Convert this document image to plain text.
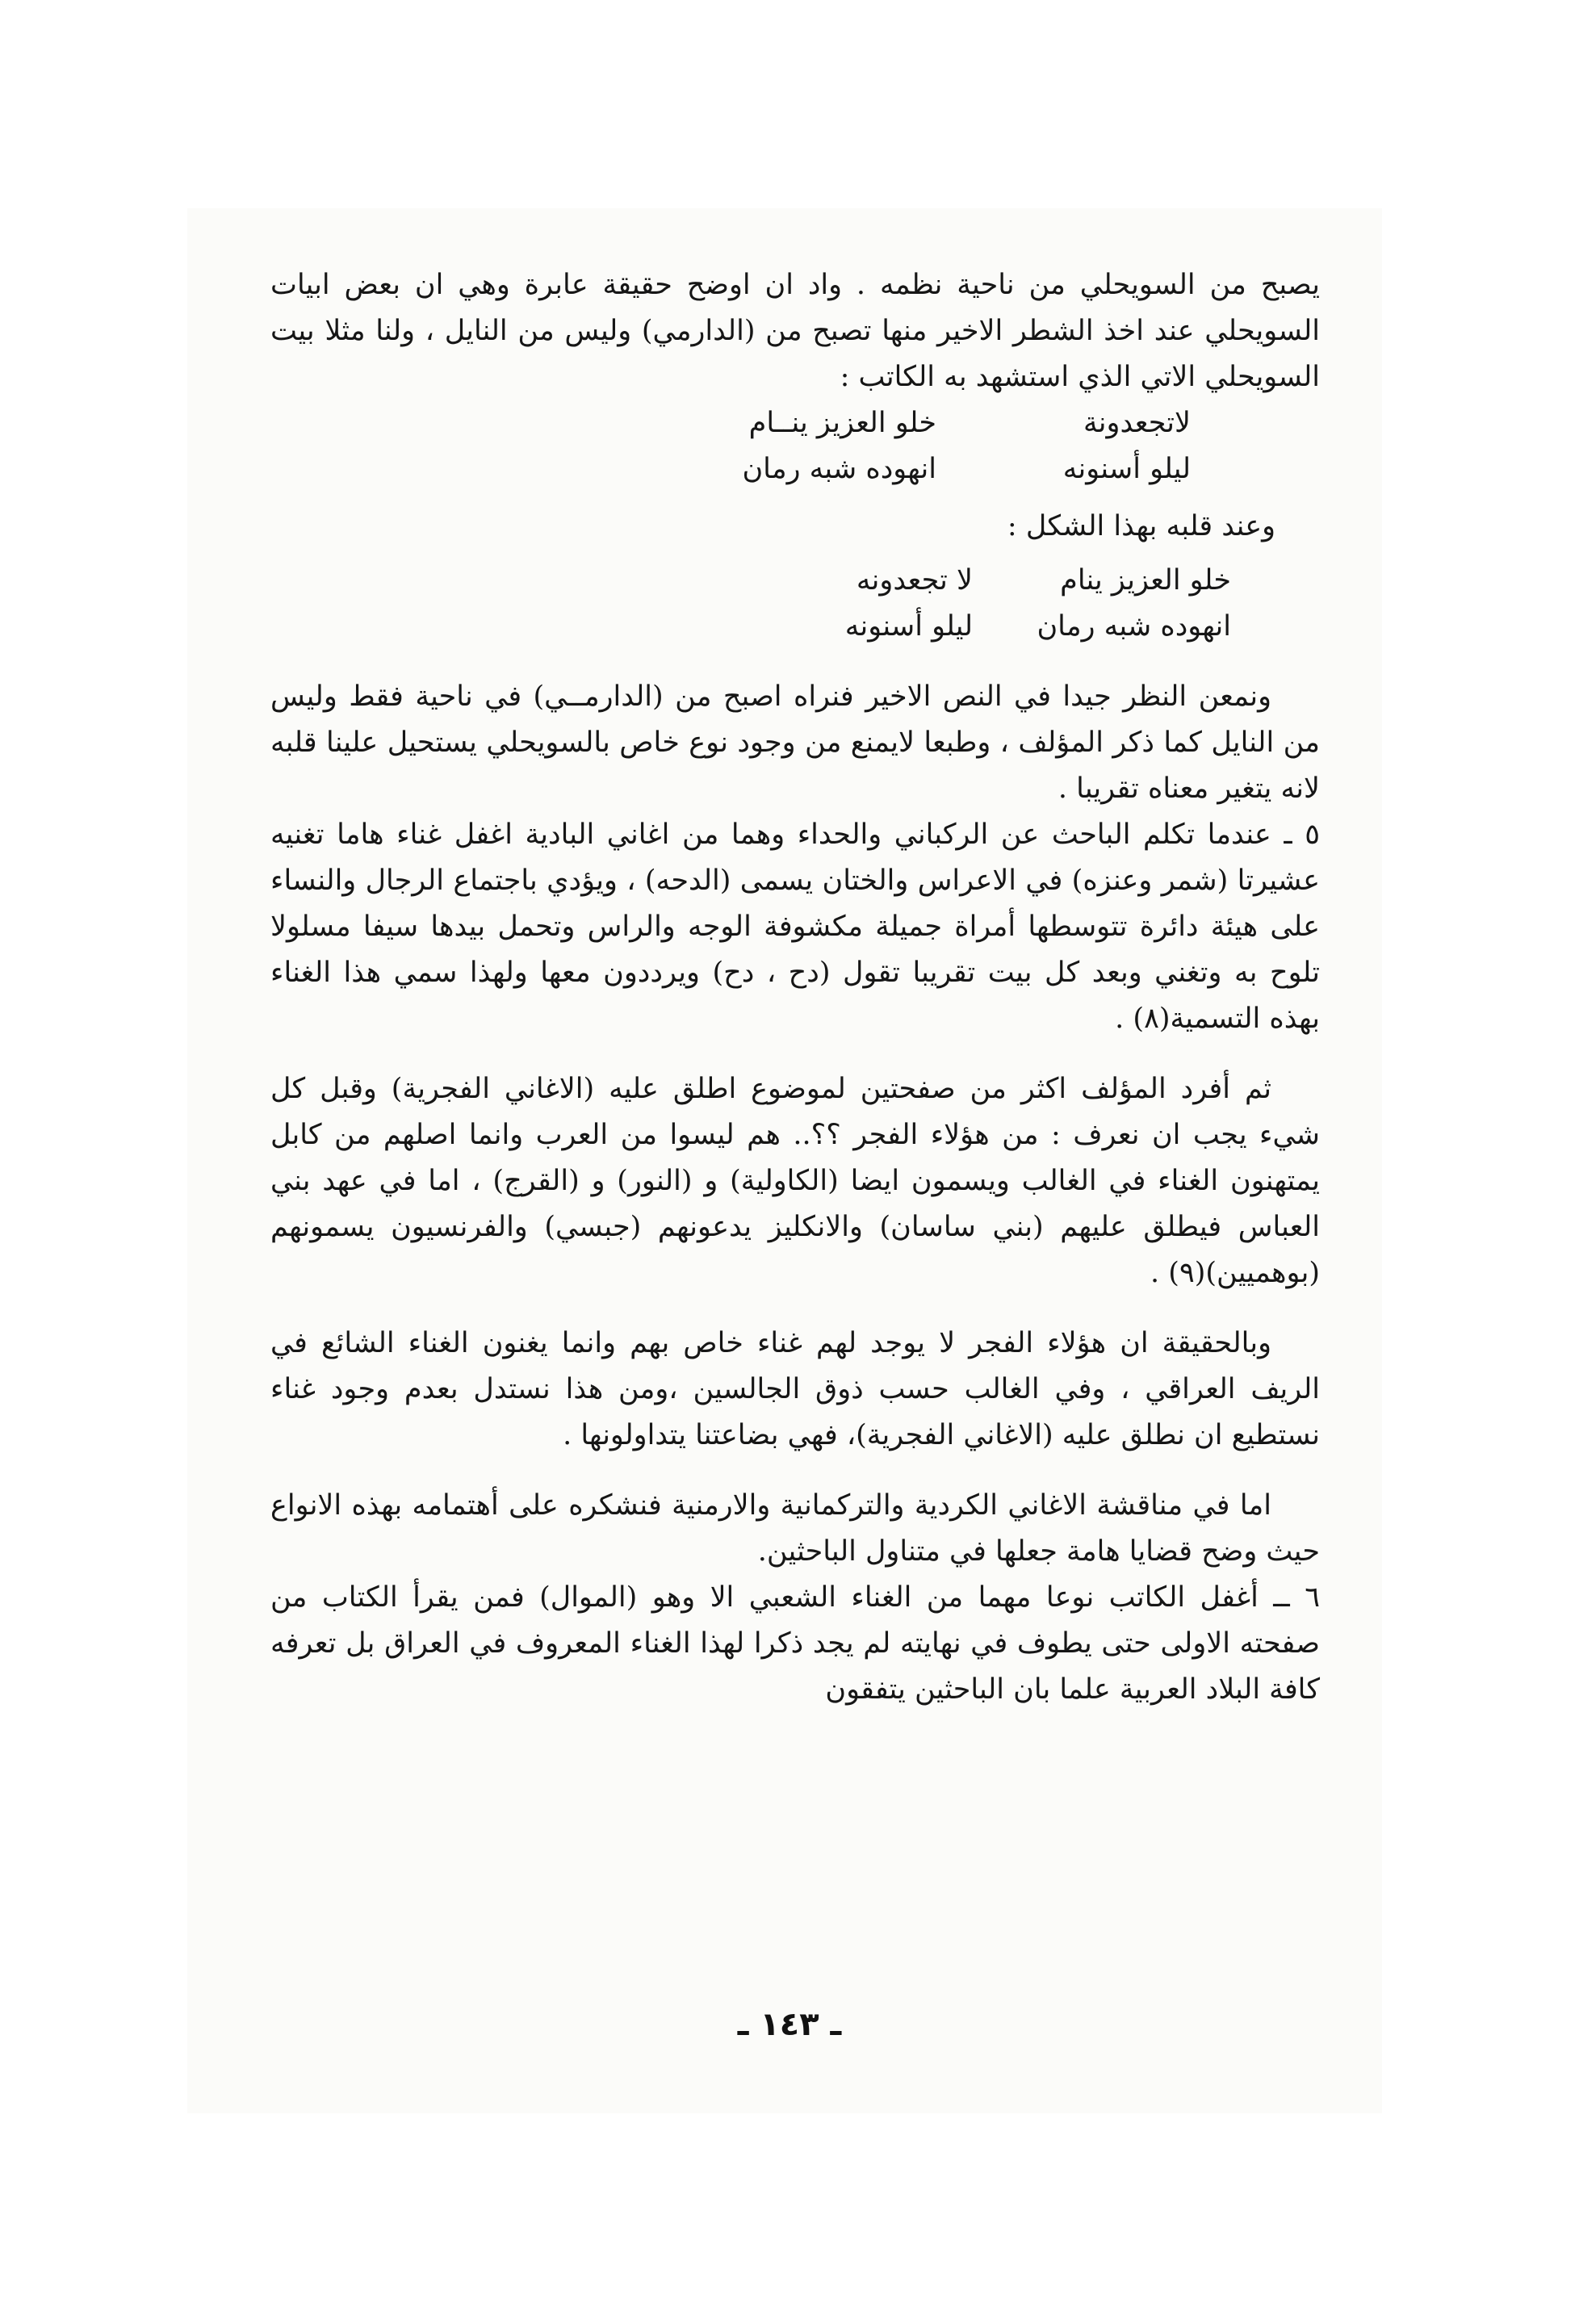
يصبح من السويحلي من ناحية نظمه . واد ان اوضح حقيقة عابرة وهي ان بعض ابيات السويحلي عند اخذ الشطر الاخير منها تصبح من (الدارمي) وليس من النايل ، ولنا مثلا بيت السويحلي الاتي الذي استشهد به الكاتب :

لاتجعدونة
خلو العزيز ينــام
ليلو أسنونه
انهوده شبه رمان

وعند قلبه بهذا الشكل :

خلو العزيز ينام
لا تجعدونه
انهوده شبه رمان
ليلو أسنونه

ونمعن النظر جيدا في النص الاخير فنراه اصبح من (الدارمــي) في ناحية فقط وليس من النايل كما ذكر المؤلف ، وطبعا لايمنع من وجود نوع خاص بالسويحلي يستحيل علينا قلبه لانه يتغير معناه تقريبا .

٥ ـ عندما تكلم الباحث عن الركباني والحداء وهما من اغاني البادية اغفل غناء هاما تغنيه عشيرتا (شمر وعنزه) في الاعراس والختان يسمى (الدحه) ، ويؤدي باجتماع الرجال والنساء على هيئة دائرة تتوسطها أمراة جميلة مكشوفة الوجه والراس وتحمل بيدها سيفا مسلولا تلوح به وتغني وبعد كل بيت تقريبا تقول (دح ، دح) ويرددون معها ولهذا سمي هذا الغناء بهذه التسمية(٨) .

ثم أفرد المؤلف اكثر من صفحتين لموضوع اطلق عليه (الاغاني الفجرية) وقبل كل شيء يجب ان نعرف : من هؤلاء الفجر ؟؟.. هم ليسوا من العرب وانما اصلهم من كابل يمتهنون الغناء في الغالب ويسمون ايضا (الكاولية) و (النور) و (القرج) ، اما في عهد بني العباس فيطلق عليهم (بني ساسان) والانكليز يدعونهم (جبسي) والفرنسيون يسمونهم (بوهميين)(٩) .

وبالحقيقة ان هؤلاء الفجر لا يوجد لهم غناء خاص بهم وانما يغنون الغناء الشائع في الريف العراقي ، وفي الغالب حسب ذوق الجالسين ،ومن هذا نستدل بعدم وجود غناء نستطيع ان نطلق عليه (الاغاني الفجرية)، فهي بضاعتنا يتداولونها .

اما في مناقشة الاغاني الكردية والتركمانية والارمنية فنشكره على أهتمامه بهذه الانواع حيث وضح قضايا هامة جعلها في متناول الباحثين.

٦ ــ أغفل الكاتب نوعا مهما من الغناء الشعبي الا وهو (الموال) فمن يقرأ الكتاب من صفحته الاولى حتى يطوف في نهايته لم يجد ذكرا لهذا الغناء المعروف في العراق بل تعرفه كافة البلاد العربية علما بان الباحثين يتفقون

ـ ١٤٣ ـ
